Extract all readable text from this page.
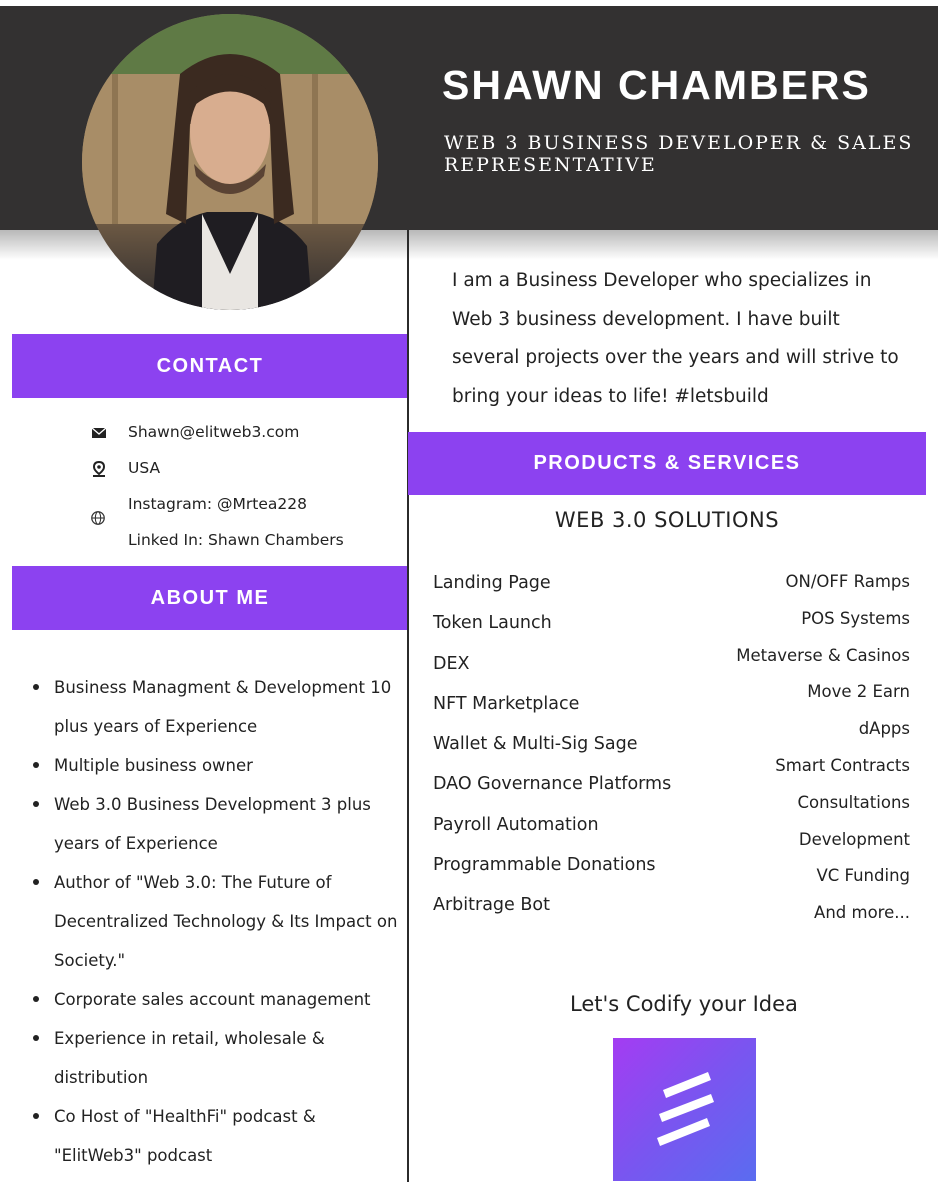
SHAWN CHAMBERS
WEB 3 BUSINESS DEVELOPER & SALES REPRESENTATIVE
CONTACT
Shawn@elitweb3.com
USA
Instagram: @Mrtea228
Linked In: Shawn Chambers
ABOUT ME
Business Managment & Development 10 plus years of Experience
Multiple business owner
Web 3.0 Business Development 3 plus years of Experience
Author of "Web 3.0: The Future of Decentralized Technology & Its Impact on Society."
Corporate sales account management
Experience in retail, wholesale & distribution
Co Host of "HealthFi" podcast & "ElitWeb3" podcast
I am a Business Developer who specializes in Web 3 business development. I have built several projects over the years and will strive to bring your ideas to life! #letsbuild
PRODUCTS & SERVICES
WEB 3.0 SOLUTIONS
Landing Page
Token Launch
DEX
NFT Marketplace
Wallet & Multi-Sig Sage
DAO Governance Platforms
Payroll Automation
Programmable Donations
Arbitrage Bot
ON/OFF Ramps
POS Systems
Metaverse & Casinos
Move 2 Earn
dApps
Smart Contracts
Consultations
Development
VC Funding
And more...
Let's Codify your Idea
